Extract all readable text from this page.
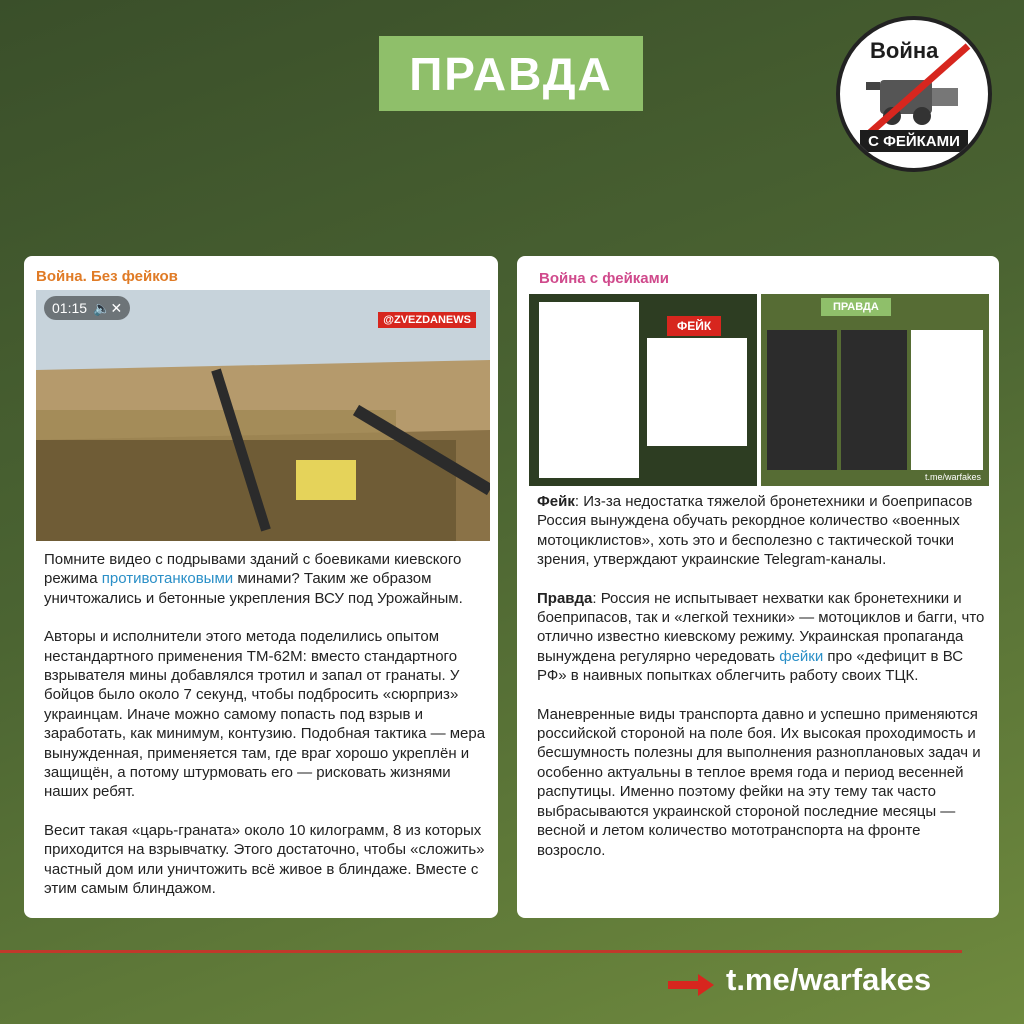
ПРАВДА	Война
С ФЕЙКАМИ
Война. Без фейков
01:15 🔈✕
@ZVEZDANEWS

Помните видео с подрывами зданий с боевиками киевского режима противотанковыми минами? Таким же образом уничтожались и бетонные укрепления ВСУ под Урожайным.

Авторы и исполнители этого метода поделились опытом нестандартного применения ТМ-62М: вместо стандартного взрывателя мины добавлялся тротил и запал от гранаты. У бойцов было около 7 секунд, чтобы подбросить «сюрприз» украинцам. Иначе можно самому попасть под взрыв и заработать, как минимум, контузию. Подобная тактика — мера вынужденная, применяется там, где враг хорошо укреплён и защищён, а потому штурмовать его — рисковать жизнями наших ребят.

Весит такая «царь-граната» около 10 килограмм, 8 из которых приходится на взрывчатку. Этого достаточно, чтобы «сложить» частный дом или уничтожить всё живое в блиндаже. Вместе с этим самым блиндажом.

Война с фейками
ФЕЙК
ПРАВДА
t.me/warfakes

Фейк: Из-за недостатка тяжелой бронетехники и боеприпасов Россия вынуждена обучать рекордное количество «военных мотоциклистов», хоть это и бесполезно с тактической точки зрения, утверждают украинские Telegram-каналы.

Правда: Россия не испытывает нехватки как бронетехники и боеприпасов, так и «легкой техники» — мотоциклов и багги, что отлично известно киевскому режиму. Украинская пропаганда вынуждена регулярно чередовать фейки про «дефицит в ВС РФ» в наивных попытках облегчить работу своих ТЦК.

Маневренные виды транспорта давно и успешно применяются российской стороной на поле боя. Их высокая проходимость и бесшумность полезны для выполнения разноплановых задач и особенно актуальны в теплое время года и период весенней распутицы. Именно поэтому фейки на эту тему так часто выбрасываются украинской стороной последние месяцы — весной и летом количество мототранспорта на фронте возросло.

t.me/warfakes
